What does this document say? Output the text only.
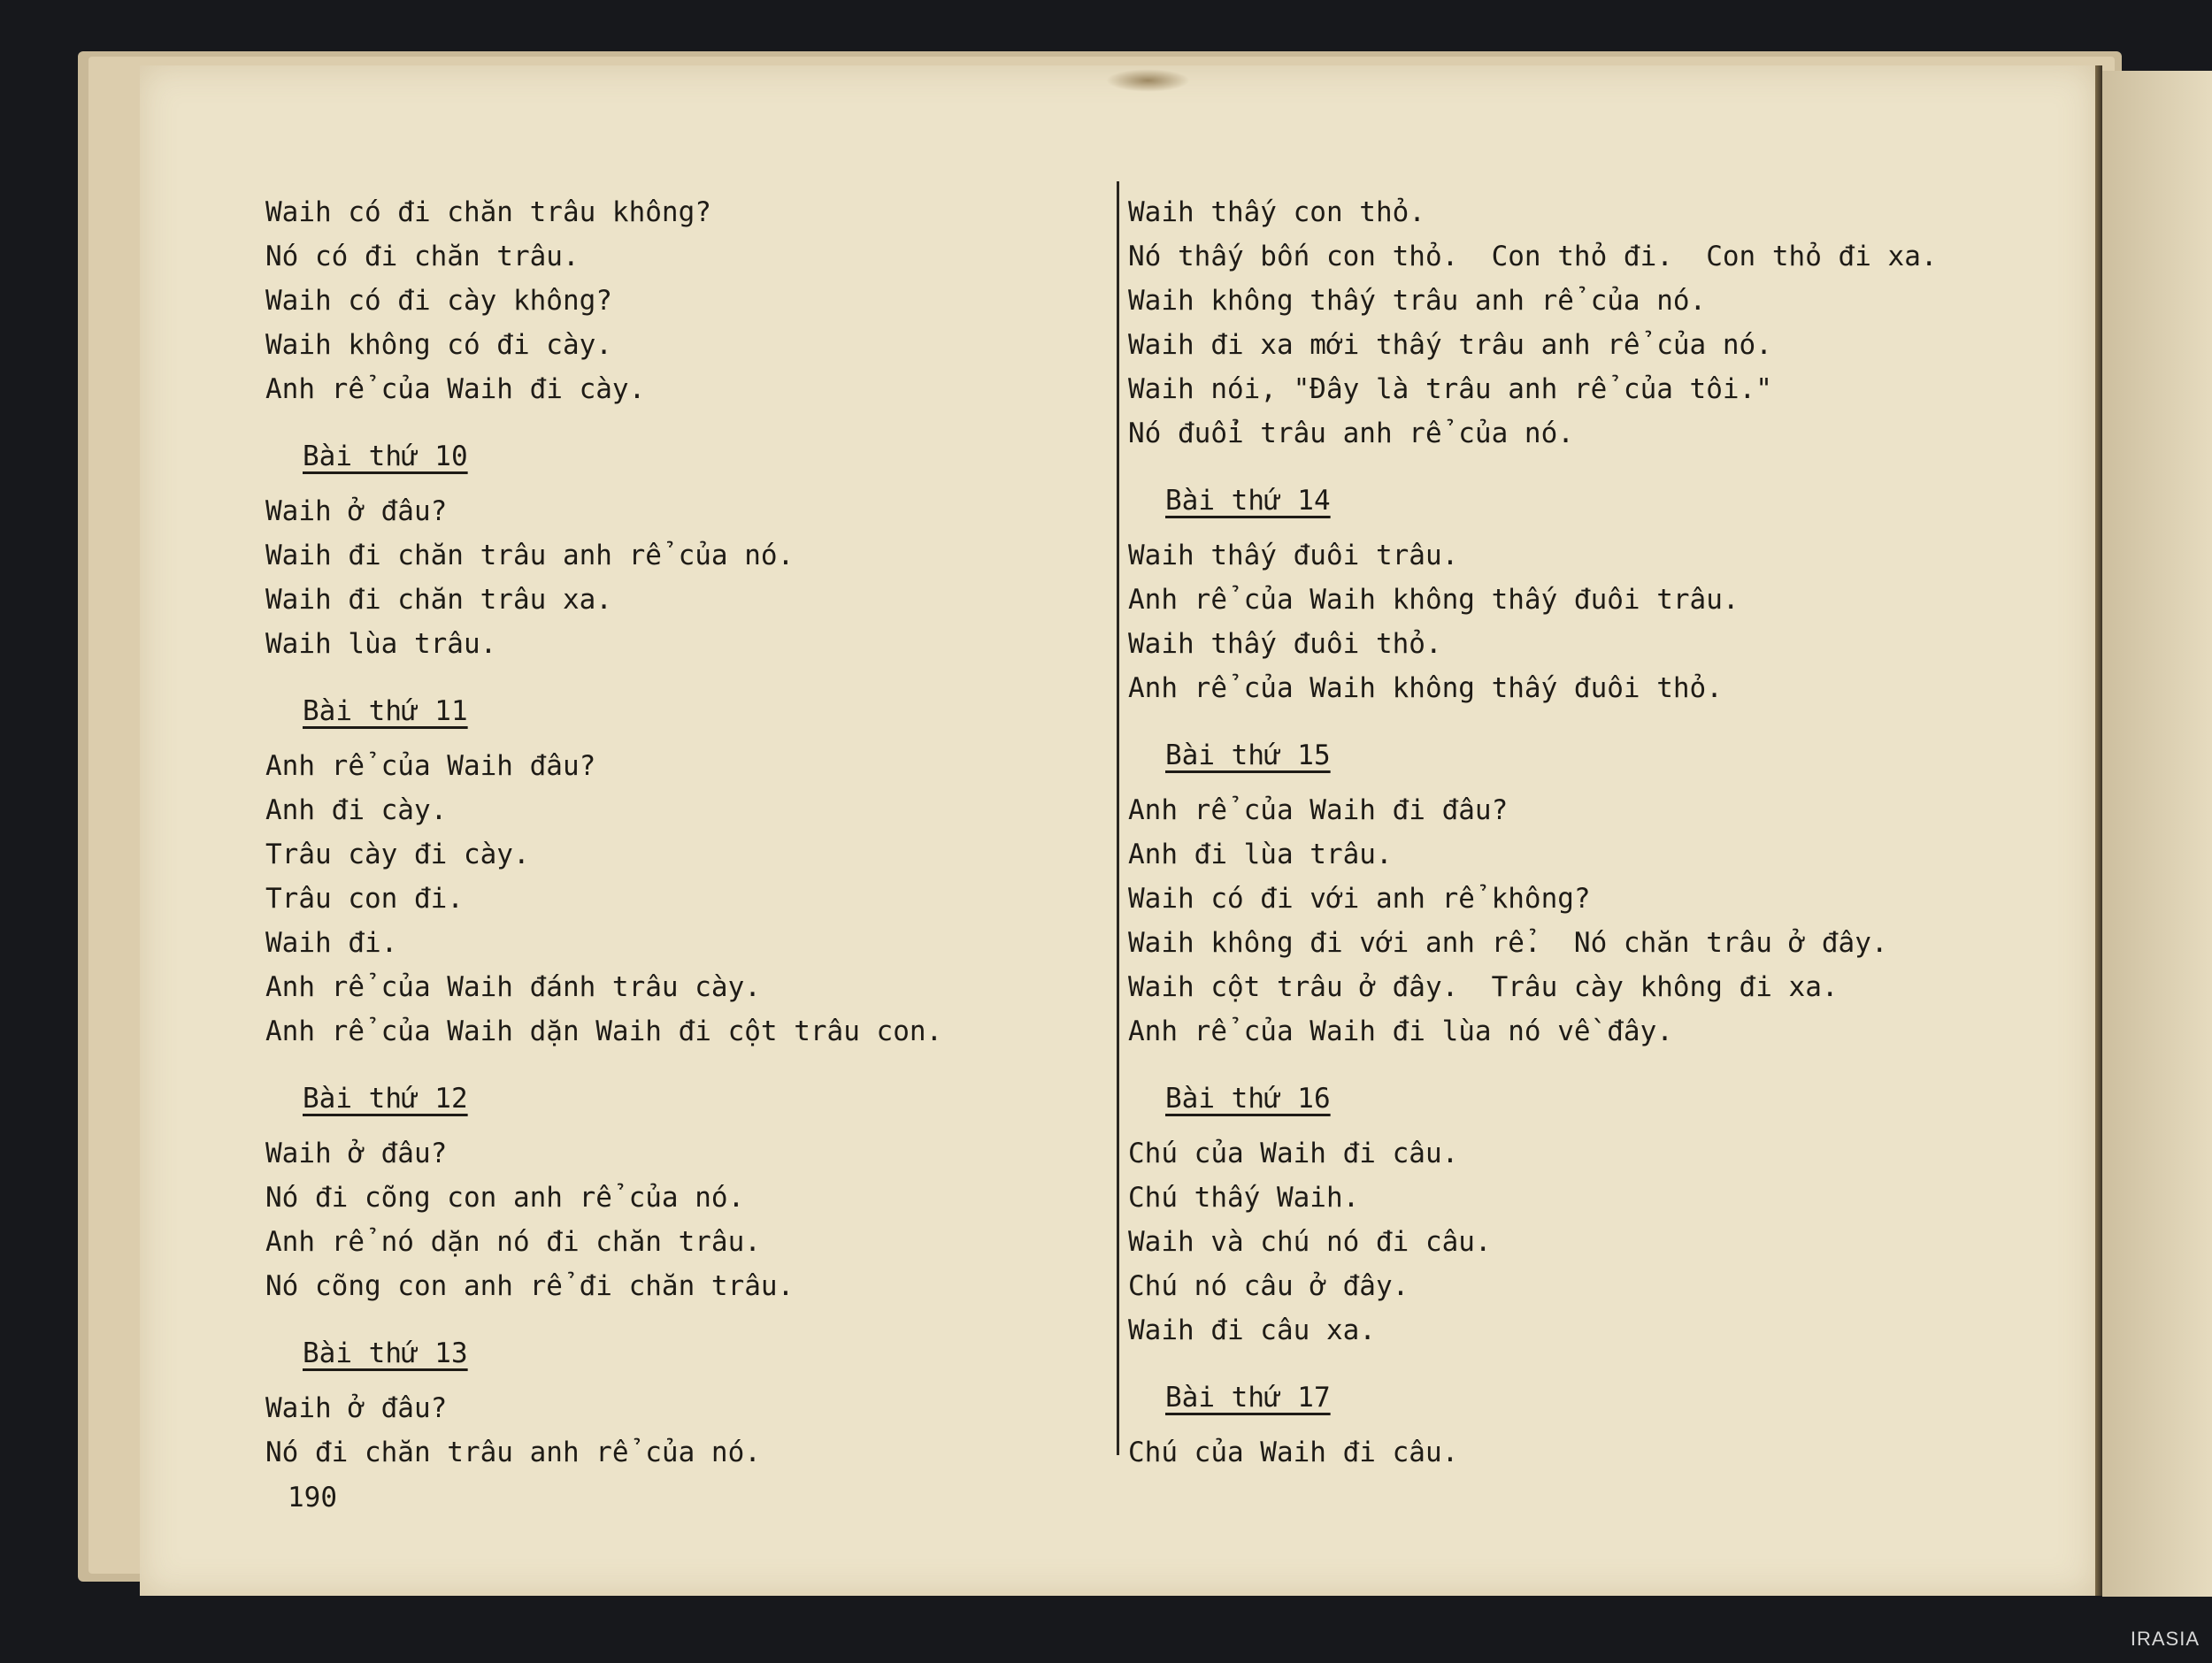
Waih có đi chăn trâu không?
Nó có đi chăn trâu.
Waih có đi cày không?
Waih không có đi cày.
Anh rể của Waih đi cày.
Bài thứ 10
Waih ở đâu?
Waih đi chăn trâu anh rể của nó.
Waih đi chăn trâu xa.
Waih lùa trâu.
Bài thứ 11
Anh rể của Waih đâu?
Anh đi cày.
Trâu cày đi cày.
Trâu con đi.
Waih đi.
Anh rể của Waih đánh trâu cày.
Anh rể của Waih dặn Waih đi cột trâu con.
Bài thứ 12
Waih ở đâu?
Nó đi cõng con anh rể của nó.
Anh rể nó dặn nó đi chăn trâu.
Nó cõng con anh rể đi chăn trâu.
Bài thứ 13
Waih ở đâu?
Nó đi chăn trâu anh rể của nó.
Waih thấy con thỏ.
Nó thấy bốn con thỏ.  Con thỏ đi.  Con thỏ đi xa.
Waih không thấy trâu anh rể của nó.
Waih đi xa mới thấy trâu anh rể của nó.
Waih nói, "Đây là trâu anh rể của tôi."
Nó đuổi trâu anh rể của nó.
Bài thứ 14
Waih thấy đuôi trâu.
Anh rể của Waih không thấy đuôi trâu.
Waih thấy đuôi thỏ.
Anh rể của Waih không thấy đuôi thỏ.
Bài thứ 15
Anh rể của Waih đi đâu?
Anh đi lùa trâu.
Waih có đi với anh rể không?
Waih không đi với anh rể.  Nó chăn trâu ở đây.
Waih cột trâu ở đây.  Trâu cày không đi xa.
Anh rể của Waih đi lùa nó về đây.
Bài thứ 16
Chú của Waih đi câu.
Chú thấy Waih.
Waih và chú nó đi câu.
Chú nó câu ở đây.
Waih đi câu xa.
Bài thứ 17
Chú của Waih đi câu.
190
IRASIA
